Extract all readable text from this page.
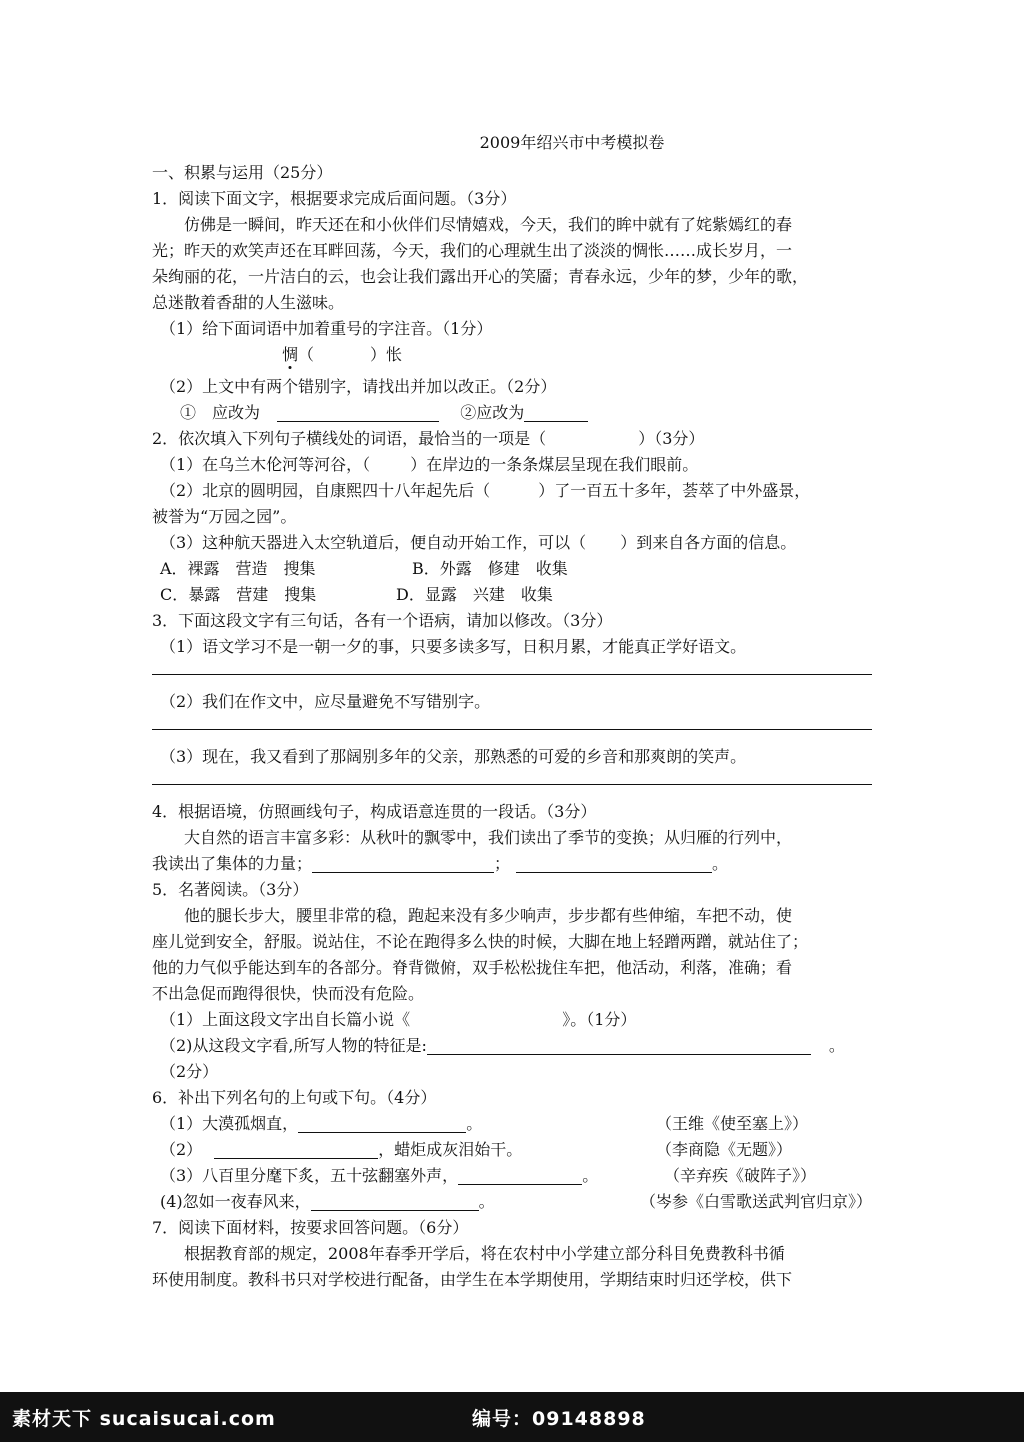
2009年绍兴市中考模拟卷
一、积累与运用（25分）
1．阅读下面文字，根据要求完成后面问题。（3分）
仿佛是一瞬间，昨天还在和小伙伴们尽情嬉戏，今天，我们的眸中就有了姹紫嫣红的春
光；昨天的欢笑声还在耳畔回荡，今天，我们的心理就生出了淡淡的惆怅……成长岁月，一
朵绚丽的花，一片洁白的云，也会让我们露出开心的笑靥；青春永远，少年的梦，少年的歌，
总迷散着香甜的人生滋味。
（1）给下面词语中加着重号的字注音。（1分）
惆（	）怅
（2）上文中有两个错别字，请找出并加以改正。（2分）
①　应改为	②应改为
2．依次填入下列句子横线处的词语，最恰当的一项是（	）（3分）
（1）在乌兰木伦河等河谷，（	）在岸边的一条条煤层呈现在我们眼前。
（2）北京的圆明园，自康熙四十八年起先后（	）了一百五十多年，荟萃了中外盛景，
被誉为“万园之园”。
（3）这种航天器进入太空轨道后，便自动开始工作，可以（ ）到来自各方面的信息。
A．裸露　营造　搜集	B．外露　修建　收集
C．暴露　营建　搜集	D．显露　兴建　收集
3．下面这段文字有三句话，各有一个语病，请加以修改。（3分）
（1）语文学习不是一朝一夕的事，只要多读多写，日积月累，才能真正学好语文。
（2）我们在作文中，应尽量避免不写错别字。
（3）现在，我又看到了那阔别多年的父亲，那熟悉的可爱的乡音和那爽朗的笑声。
4．根据语境，仿照画线句子，构成语意连贯的一段话。（3分）
大自然的语言丰富多彩：从秋叶的飘零中，我们读出了季节的变换；从归雁的行列中，
我读出了集体的力量；	；	。
5．名著阅读。（3分）
他的腿长步大，腰里非常的稳，跑起来没有多少响声，步步都有些伸缩，车把不动，使
座儿觉到安全，舒服。说站住，不论在跑得多么快的时候，大脚在地上轻蹭两蹭，就站住了；
他的力气似乎能达到车的各部分。脊背微俯，双手松松拢住车把，他活动，利落，准确；看
不出急促而跑得很快，快而没有危险。
（1）上面这段文字出自长篇小说《	》。（1分）
（2)从这段文字看,所写人物的特征是:	。
（2分）
6．补出下列名句的上句或下句。（4分）
（1）大漠孤烟直，	。	（王维《使至塞上》）
（2）	，蜡炬成灰泪始干。	（李商隐《无题》）
（3）八百里分麾下炙，五十弦翻塞外声，	。	（辛弃疾《破阵子》）
(4)忽如一夜春风来，	。	（岑参《白雪歌送武判官归京》）
7．阅读下面材料，按要求回答问题。（6分）
根据教育部的规定，2008年春季开学后，将在农村中小学建立部分科目免费教科书循
环使用制度。教科书只对学校进行配备，由学生在本学期使用，学期结束时归还学校，供下
素材天下 sucaisucai.com	编号：09148898
